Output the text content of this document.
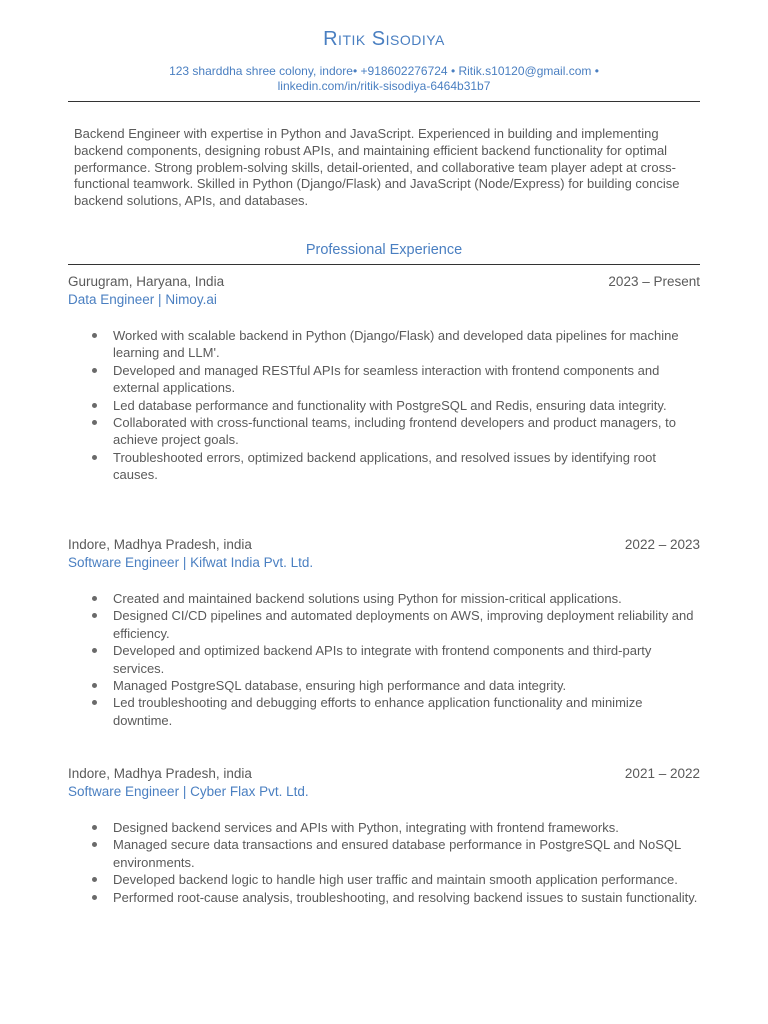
Ritik Sisodiya
123 sharddha shree colony, indore• +918602276724 • Ritik.s10120@gmail.com •
linkedin.com/in/ritik-sisodiya-6464b31b7
Backend Engineer with expertise in Python and JavaScript. Experienced in building and implementing backend components, designing robust APIs, and maintaining efficient backend functionality for optimal performance. Strong problem-solving skills, detail-oriented, and collaborative team player adept at cross-functional teamwork. Skilled in Python (Django/Flask) and JavaScript (Node/Express) for building concise backend solutions, APIs, and databases.
Professional Experience
Gurugram, Haryana, India	2023 – Present
Data Engineer | Nimoy.ai
Worked with scalable backend in Python (Django/Flask) and developed data pipelines for machine learning and LLM'.
Developed and managed RESTful APIs for seamless interaction with frontend components and external applications.
Led database performance and functionality with PostgreSQL and Redis, ensuring data integrity.
Collaborated with cross-functional teams, including frontend developers and product managers, to achieve project goals.
Troubleshooted errors, optimized backend applications, and resolved issues by identifying root causes.
Indore, Madhya Pradesh, india	2022 – 2023
Software Engineer | Kifwat India Pvt. Ltd.
Created and maintained backend solutions using Python for mission-critical applications.
Designed CI/CD pipelines and automated deployments on AWS, improving deployment reliability and efficiency.
Developed and optimized backend APIs to integrate with frontend components and third-party services.
Managed PostgreSQL database, ensuring high performance and data integrity.
Led troubleshooting and debugging efforts to enhance application functionality and minimize downtime.
Indore, Madhya Pradesh, india	2021 – 2022
Software Engineer | Cyber Flax Pvt. Ltd.
Designed backend services and APIs with Python, integrating with frontend frameworks.
Managed secure data transactions and ensured database performance in PostgreSQL and NoSQL environments.
Developed backend logic to handle high user traffic and maintain smooth application performance.
Performed root-cause analysis, troubleshooting, and resolving backend issues to sustain functionality.
